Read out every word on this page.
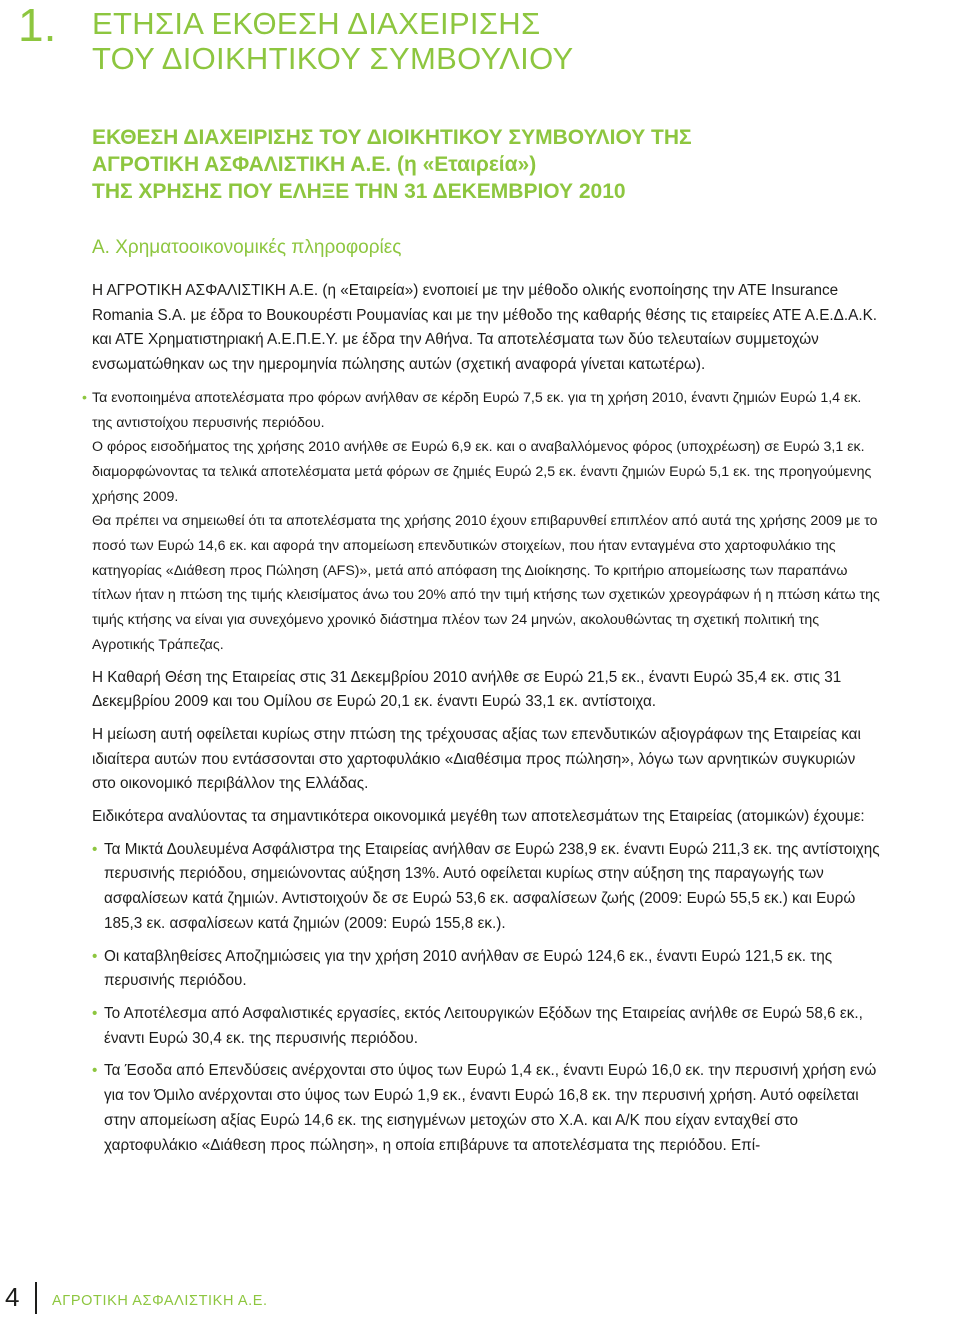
1. ΕΤΗΣΙΑ ΕΚΘΕΣΗ ΔΙΑΧΕΙΡΙΣΗΣ
ΤΟΥ ΔΙΟΙΚΗΤΙΚΟΥ ΣΥΜΒΟΥΛΙΟΥ
ΕΚΘΕΣΗ ΔΙΑΧΕΙΡΙΣΗΣ ΤΟΥ ΔΙΟΙΚΗΤΙΚΟΥ ΣΥΜΒΟΥΛΙΟΥ ΤΗΣ
ΑΓΡΟΤΙΚΗ ΑΣΦΑΛΙΣΤΙΚΗ Α.Ε. (η «Εταιρεία»)
ΤΗΣ ΧΡΗΣΗΣ ΠΟΥ ΕΛΗΞΕ ΤΗΝ 31 ΔΕΚΕΜΒΡΙΟΥ 2010
Α. Χρηματοοικονομικές πληροφορίες

Η ΑΓΡΟΤΙΚΗ ΑΣΦΑΛΙΣΤΙΚΗ Α.Ε. (η «Εταιρεία») ενοποιεί με την μέθοδο ολικής ενοποίησης την ΑΤΕ Insurance Romania S.A. με έδρα το Βουκουρέστι Ρουμανίας και με την μέθοδο της καθαρής θέσης τις εταιρείες ΑΤΕ Α.Ε.Δ.Α.Κ. και ΑΤΕ Χρηματιστηριακή Α.Ε.Π.Ε.Υ. με έδρα την Αθήνα. Τα αποτελέσματα των δύο τελευταίων συμμετοχών ενσωματώθηκαν ως την ημερομηνία πώλησης αυτών (σχετική αναφορά γίνεται κατωτέρω).

• Τα ενοποιημένα αποτελέσματα προ φόρων ανήλθαν σε κέρδη Ευρώ 7,5 εκ. για τη χρήση 2010, έναντι ζημιών Ευρώ 1,4 εκ. της αντιστοίχου περυσινής περιόδου.

Ο φόρος εισοδήματος της χρήσης 2010 ανήλθε σε Ευρώ 6,9 εκ. και ο αναβαλλόμενος φόρος (υποχρέωση) σε Ευρώ 3,1 εκ. διαμορφώνοντας τα τελικά αποτελέσματα μετά φόρων σε ζημιές Ευρώ 2,5 εκ. έναντι ζημιών Ευρώ 5,1 εκ. της προηγούμενης χρήσης 2009.

Θα πρέπει να σημειωθεί ότι τα αποτελέσματα της χρήσης 2010 έχουν επιβαρυνθεί επιπλέον από αυτά της χρήσης 2009 με το ποσό των Ευρώ 14,6 εκ. και αφορά την απομείωση επενδυτικών στοιχείων, που ήταν ενταγμένα στο χαρτοφυλάκιο της κατηγορίας «Διάθεση προς Πώληση (AFS)», μετά από απόφαση της Διοίκησης. Το κριτήριο απομείωσης των παραπάνω τίτλων ήταν η πτώση της τιμής κλεισίματος άνω του 20% από την τιμή κτήσης των σχετικών χρεογράφων ή η πτώση κάτω της τιμής κτήσης να είναι για συνεχόμενο χρονικό διάστημα πλέον των 24 μηνών, ακολουθώντας τη σχετική πολιτική της Αγροτικής Τράπεζας.

Η Καθαρή Θέση της Εταιρείας στις 31 Δεκεμβρίου 2010 ανήλθε σε Ευρώ 21,5 εκ., έναντι Ευρώ 35,4 εκ. στις 31 Δεκεμβρίου 2009 και του Ομίλου σε Ευρώ 20,1 εκ. έναντι Ευρώ 33,1 εκ. αντίστοιχα.

Η μείωση αυτή οφείλεται κυρίως στην πτώση της τρέχουσας αξίας των επενδυτικών αξιογράφων της Εταιρείας και ιδιαίτερα αυτών που εντάσσονται στο χαρτοφυλάκιο «Διαθέσιμα προς πώληση», λόγω των αρνητικών συγκυριών στο οικονομικό περιβάλλον της Ελλάδας.

Ειδικότερα αναλύοντας τα σημαντικότερα οικονομικά μεγέθη των αποτελεσμάτων της Εταιρείας (ατομικών) έχουμε:

• Τα Μικτά Δουλευμένα Ασφάλιστρα της Εταιρείας ανήλθαν σε Ευρώ 238,9 εκ. έναντι Ευρώ 211,3 εκ. της αντίστοιχης περυσινής περιόδου, σημειώνοντας αύξηση 13%. Αυτό οφείλεται κυρίως στην αύξηση της παραγωγής των ασφαλίσεων κατά ζημιών. Αντιστοιχούν δε σε Ευρώ 53,6 εκ. ασφαλίσεων ζωής (2009: Ευρώ 55,5 εκ.) και Ευρώ 185,3 εκ. ασφαλίσεων κατά ζημιών (2009: Ευρώ 155,8 εκ.).

• Οι καταβληθείσες Αποζημιώσεις για την χρήση 2010 ανήλθαν σε Ευρώ 124,6 εκ., έναντι Ευρώ 121,5 εκ. της περυσινής περιόδου.

• Το Αποτέλεσμα από Ασφαλιστικές εργασίες, εκτός Λειτουργικών Εξόδων της Εταιρείας ανήλθε σε Ευρώ 58,6 εκ., έναντι Ευρώ 30,4 εκ. της περυσινής περιόδου.

• Τα Έσοδα από Επενδύσεις ανέρχονται στο ύψος των Ευρώ 1,4 εκ., έναντι Ευρώ 16,0 εκ. την περυσινή χρήση ενώ για τον Όμιλο ανέρχονται στο ύψος των Ευρώ 1,9 εκ., έναντι Ευρώ 16,8 εκ. την περυσινή χρήση. Αυτό οφείλεται στην απομείωση αξίας Ευρώ 14,6 εκ. της εισηγμένων μετοχών στο Χ.Α. και Α/Κ που είχαν ενταχθεί στο χαρτοφυλάκιο «Διάθεση προς πώληση», η οποία επιβάρυνε τα αποτελέσματα της περιόδου. Επί-

4 ΑΓΡΟΤΙΚΗ ΑΣΦΑΛΙΣΤΙΚΗ Α.Ε.
